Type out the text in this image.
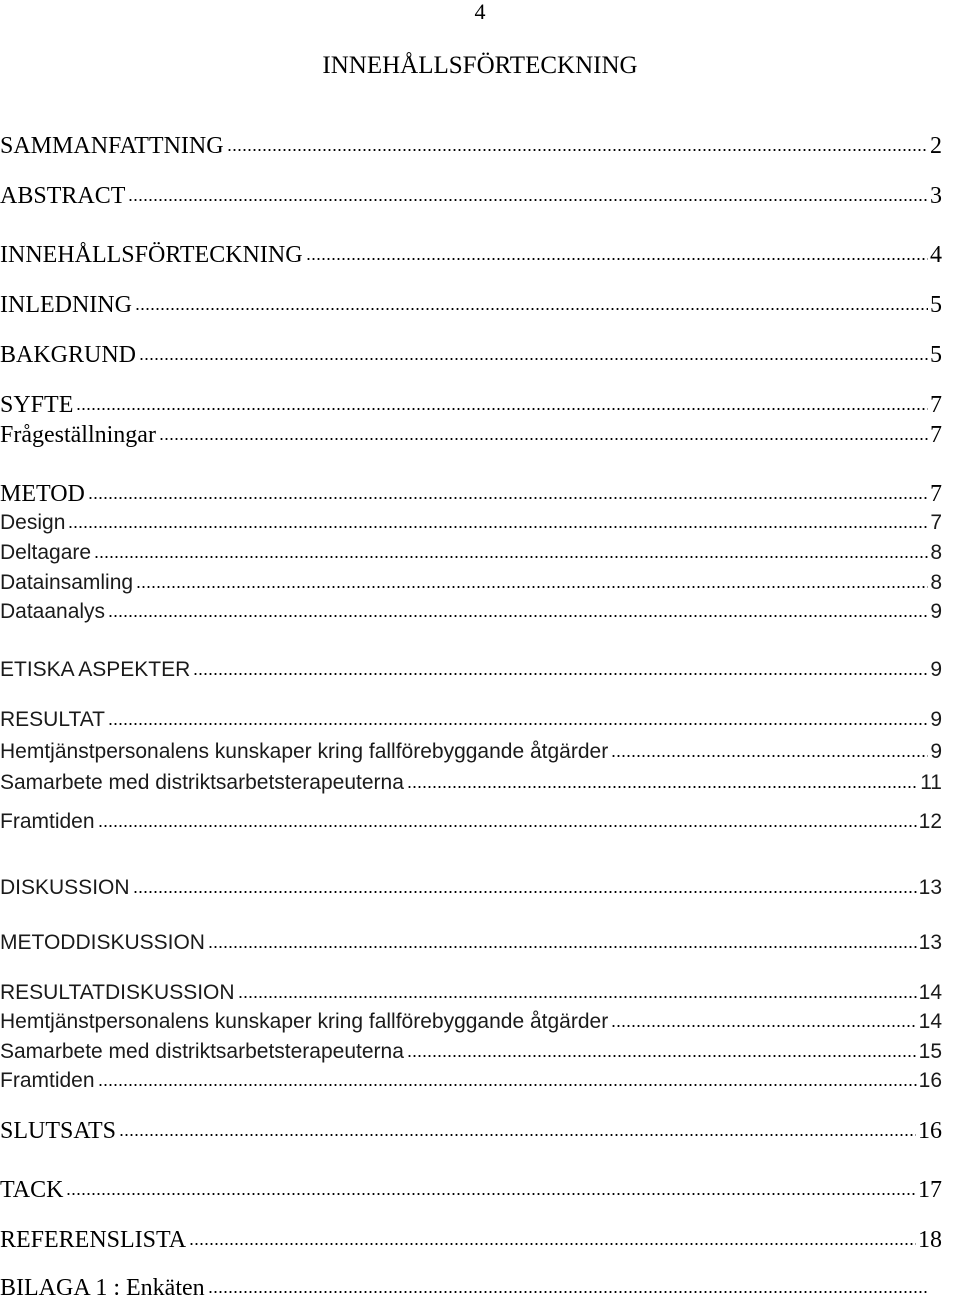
4
INNEHÅLLSFÖRTECKNING
SAMMANFATTNING	2
ABSTRACT	3
INNEHÅLLSFÖRTECKNING	4
INLEDNING	5
BAKGRUND	5
SYFTE	7
Frågeställningar	7
METOD	7
Design	7
Deltagare	8
Datainsamling	8
Dataanalys	9
ETISKA ASPEKTER	9
RESULTAT	9
Hemtjänstpersonalens kunskaper kring fallförebyggande åtgärder	9
Samarbete med distriktsarbetsterapeuterna	11
Framtiden	12
DISKUSSION	13
METODDISKUSSION	13
RESULTATDISKUSSION	14
Hemtjänstpersonalens kunskaper kring fallförebyggande åtgärder	14
Samarbete med distriktsarbetsterapeuterna	15
Framtiden	16
SLUTSATS	16
TACK	17
REFERENSLISTA	18
BILAGA 1 : Enkäten
